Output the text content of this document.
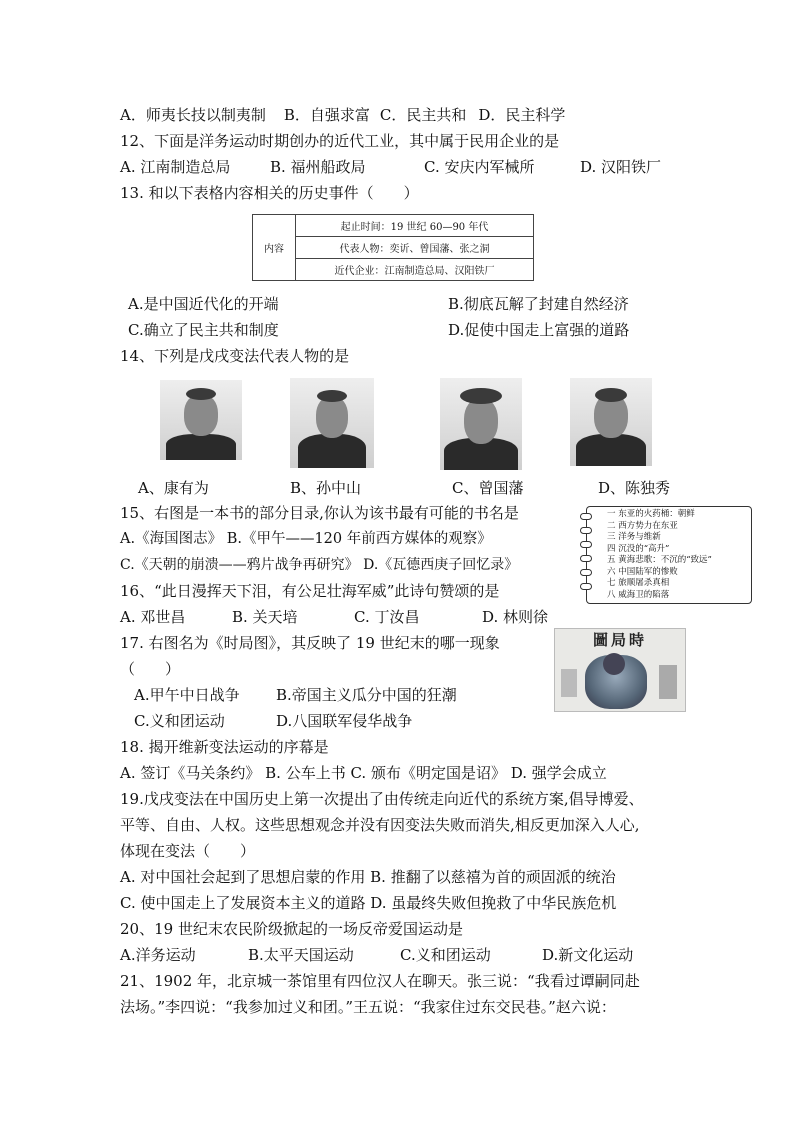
A．师夷长技以制夷制 B．自强求富 C．民主共和 D．民主科学
12、下面是洋务运动时期创办的近代工业，其中属于民用企业的是
A. 江南制造总局	B. 福州船政局	C. 安庆内军械所	D. 汉阳铁厂
13. 和以下表格内容相关的历史事件（　　）
内容	起止时间：19 世纪 60—90 年代
代表人物：奕䜣、曾国藩、张之洞
近代企业：江南制造总局、汉阳铁厂
A.是中国近代化的开端	B.彻底瓦解了封建自然经济
C.确立了民主共和制度	D.促使中国走上富强的道路
14、下列是戊戌变法代表人物的是
A、康有为	B、孙中山	C、曾国藩	D、陈独秀
15、右图是一本书的部分目录,你认为该书最有可能的书名是
A.《海国图志》 B.《甲午——120 年前西方媒体的观察》
C.《天朝的崩溃——鸦片战争再研究》 D.《瓦德西庚子回忆录》
一 东亚的火药桶：朝鲜
二 西方势力在东亚
三 洋务与维新
四 沉没的“高升”
五 黄海悲歌：不沉的“致远”
六 中国陆军的惨败
七 旅顺屠杀真相
八 威海卫的陷落
16、“此日漫挥天下泪，有公足壮海军威”此诗句赞颂的是
A. 邓世昌	B. 关天培	C. 丁汝昌	D. 林则徐
17. 右图名为《时局图》，其反映了 19 世纪末的哪一现象
（　　）
A.甲午中日战争 B.帝国主义瓜分中国的狂潮
C.义和团运动	D.八国联军侵华战争
圖局時
18. 揭开维新变法运动的序幕是
A. 签订《马关条约》 B. 公车上书 C. 颁布《明定国是诏》 D. 强学会成立
19.戊戌变法在中国历史上第一次提出了由传统走向近代的系统方案,倡导博爱、
平等、自由、人权。这些思想观念并没有因变法失败而消失,相反更加深入人心,
体现在变法（　　）
A. 对中国社会起到了思想启蒙的作用 B. 推翻了以慈禧为首的顽固派的统治
C. 使中国走上了发展资本主义的道路 D. 虽最终失败但挽救了中华民族危机
20、19 世纪末农民阶级掀起的一场反帝爱国运动是
A.洋务运动	B.太平天国运动	C.义和团运动	D.新文化运动
21、1902 年，北京城一茶馆里有四位汉人在聊天。张三说：“我看过谭嗣同赴
法场。”李四说：“我参加过义和团。”王五说：“我家住过东交民巷。”赵六说：
